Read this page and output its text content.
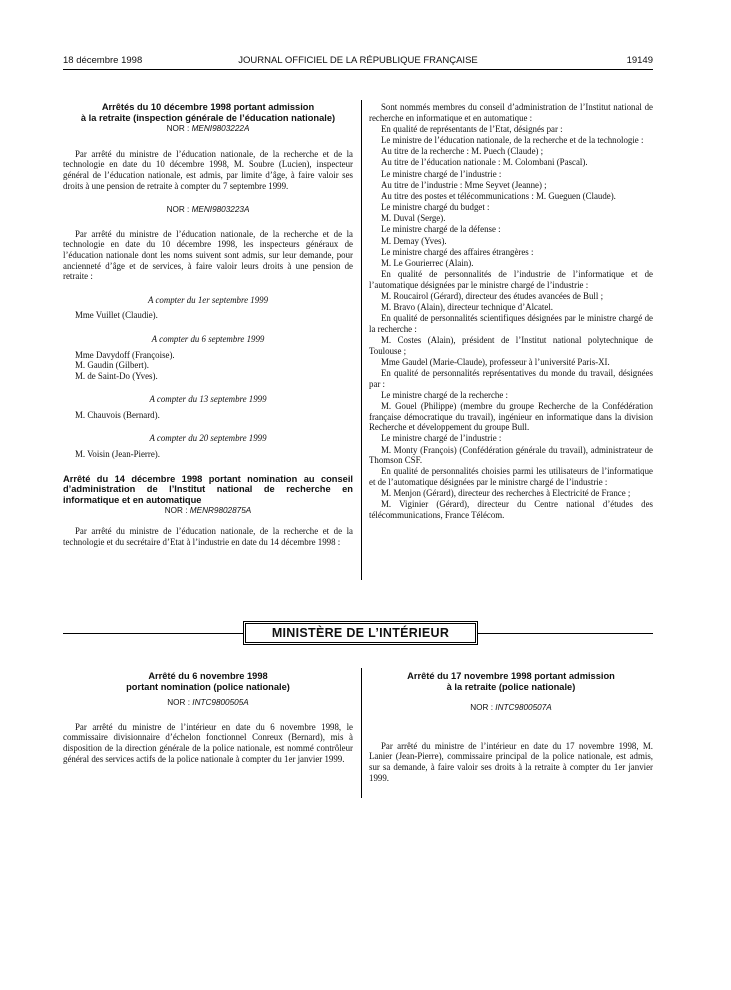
18 décembre 1998	JOURNAL OFFICIEL DE LA RÉPUBLIQUE FRANÇAISE	19149
Arrêtés du 10 décembre 1998 portant admission
à la retraite (inspection générale de l’éducation nationale)
NOR : MENI9803222A
Par arrêté du ministre de l’éducation nationale, de la recherche et de la technologie en date du 10 décembre 1998, M. Soubre (Lucien), inspecteur général de l’éducation nationale, est admis, par limite d’âge, à faire valoir ses droits à une pension de retraite à compter du 7 septembre 1999.
NOR : MENI9803223A
Par arrêté du ministre de l’éducation nationale, de la recherche et de la technologie en date du 10 décembre 1998, les inspecteurs généraux de l’éducation nationale dont les noms suivent sont admis, sur leur demande, pour ancienneté d’âge et de services, à faire valoir leurs droits à une pension de retraite :
A compter du 1er septembre 1999
Mme Vuillet (Claudie).
A compter du 6 septembre 1999
Mme Davydoff (Françoise).
M. Gaudin (Gilbert).
M. de Saint-Do (Yves).
A compter du 13 septembre 1999
M. Chauvois (Bernard).
A compter du 20 septembre 1999
M. Voisin (Jean-Pierre).
Arrêté du 14 décembre 1998 portant nomination au conseil d’administration de l’Institut national de recherche en informatique et en automatique
NOR : MENR9802875A
Par arrêté du ministre de l’éducation nationale, de la recherche et de la technologie et du secrétaire d’Etat à l’industrie en date du 14 décembre 1998 :
Sont nommés membres du conseil d’administration de l’Institut national de recherche en informatique et en automatique :
En qualité de représentants de l’Etat, désignés par :
Le ministre de l’éducation nationale, de la recherche et de la technologie :
Au titre de la recherche : M. Puech (Claude) ;
Au titre de l’éducation nationale : M. Colombani (Pascal).
Le ministre chargé de l’industrie :
Au titre de l’industrie : Mme Seyvet (Jeanne) ;
Au titre des postes et télécommunications : M. Gueguen (Claude).
Le ministre chargé du budget :
M. Duval (Serge).
Le ministre chargé de la défense :
M. Demay (Yves).
Le ministre chargé des affaires étrangères :
M. Le Gourierrec (Alain).
En qualité de personnalités de l’industrie de l’informatique et de l’automatique désignées par le ministre chargé de l’industrie :
M. Roucairol (Gérard), directeur des études avancées de Bull ;
M. Bravo (Alain), directeur technique d’Alcatel.
En qualité de personnalités scientifiques désignées par le ministre chargé de la recherche :
M. Costes (Alain), président de l’Institut national polytechnique de Toulouse ;
Mme Gaudel (Marie-Claude), professeur à l’université Paris-XI.
En qualité de personnalités représentatives du monde du travail, désignées par :
Le ministre chargé de la recherche :
M. Gouel (Philippe) (membre du groupe Recherche de la Confédération française démocratique du travail), ingénieur en informatique dans la division Recherche et développement du groupe Bull.
Le ministre chargé de l’industrie :
M. Monty (François) (Confédération générale du travail), administrateur de Thomson CSF.
En qualité de personnalités choisies parmi les utilisateurs de l’informatique et de l’automatique désignées par le ministre chargé de l’industrie :
M. Menjon (Gérard), directeur des recherches à Electricité de France ;
M. Viginier (Gérard), directeur du Centre national d’études des télécommunications, France Télécom.
MINISTÈRE DE L’INTÉRIEUR
Arrêté du 6 novembre 1998
portant nomination (police nationale)
NOR : INTC9800505A
Par arrêté du ministre de l’intérieur en date du 6 novembre 1998, le commissaire divisionnaire d’échelon fonctionnel Conreux (Bernard), mis à disposition de la direction générale de la police nationale, est nommé contrôleur général des services actifs de la police nationale à compter du 1er janvier 1999.
Arrêté du 17 novembre 1998 portant admission
à la retraite (police nationale)
NOR : INTC9800507A
Par arrêté du ministre de l’intérieur en date du 17 novembre 1998, M. Lanier (Jean-Pierre), commissaire principal de la police nationale, est admis, sur sa demande, à faire valoir ses droits à la retraite à compter du 1er janvier 1999.
